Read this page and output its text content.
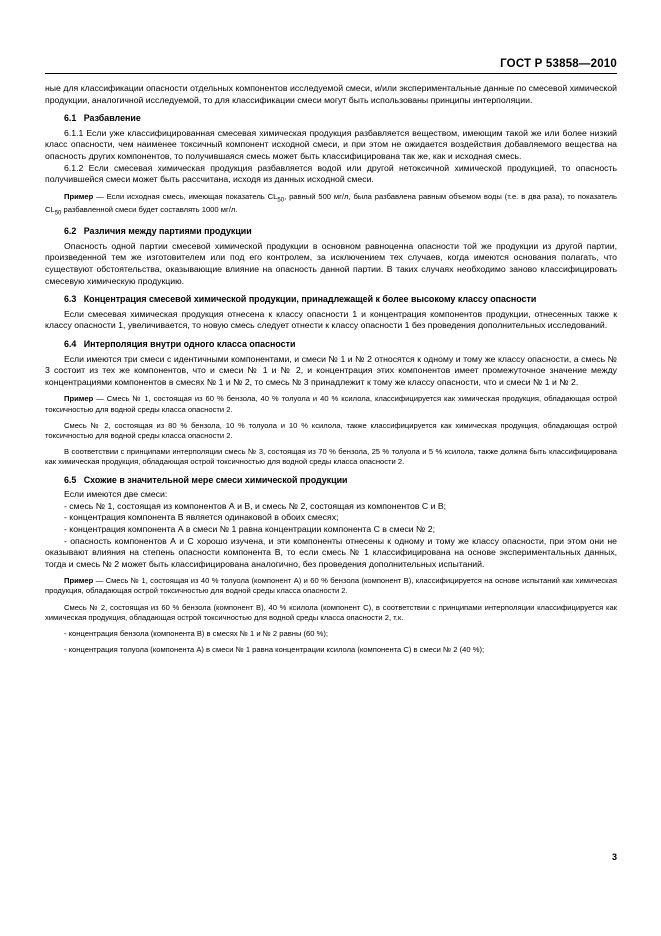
ГОСТ Р 53858—2010

ные для классификации опасности отдельных компонентов исследуемой смеси, и/или экспериментальные данные по смесевой химической продукции, аналогичной исследуемой, то для классификации смеси могут быть использованы принципы интерполяции.

6.1 Разбавление

6.1.1 Если уже классифицированная смесевая химическая продукция разбавляется веществом, имеющим такой же или более низкий класс опасности, чем наименее токсичный компонент исходной смеси, и при этом не ожидается воздействия добавляемого вещества на опасность других компонентов, то получившаяся смесь может быть классифицирована так же, как и исходная смесь.

6.1.2 Если смесевая химическая продукция разбавляется водой или другой нетоксичной химической продукцией, то опасность получившейся смеси может быть рассчитана, исходя из данных исходной смеси.

Пример — Если исходная смесь, имеющая показатель $CL_{50}$, равный 500 мг/л, была разбавлена равным объемом воды (т.е. в два раза), то показатель $CL_{50}$ разбавленной смеси будет составлять 1000 мг/л.

6.2 Различия между партиями продукции

Опасность одной партии смесевой химической продукции в основном равноценна опасности той же продукции из другой партии, произведенной тем же изготовителем или под его контролем, за исключением тех случаев, когда имеются основания полагать, что существуют обстоятельства, оказывающие влияние на опасность данной партии. В таких случаях необходимо заново классифицировать смесевую химическую продукцию.

6.3 Концентрация смесевой химической продукции, принадлежащей к более высокому классу опасности

Если смесевая химическая продукция отнесена к классу опасности 1 и концентрация компонентов продукции, отнесенных также к классу опасности 1, увеличивается, то новую смесь следует отнести к классу опасности 1 без проведения дополнительных исследований.

6.4 Интерполяция внутри одного класса опасности

Если имеются три смеси с идентичными компонентами, и смеси № 1 и № 2 относятся к одному и тому же классу опасности, а смесь № 3 состоит из тех же компонентов, что и смеси № 1 и № 2, и концентрация этих компонентов имеет промежуточное значение между концентрациями компонентов в смесях № 1 и № 2, то смесь № 3 принадлежит к тому же классу опасности, что и смеси № 1 и № 2.

Пример — Смесь № 1, состоящая из 60 % бензола, 40 % толуола и 40 % ксилола, классифицируется как химическая продукция, обладающая острой токсичностью для водной среды класса опасности 2.

Смесь № 2, состоящая из 80 % бензола, 10 % толуола и 10 % ксилола, также классифицируется как химическая продукция, обладающая острой токсичностью для водной среды класса опасности 2.

В соответствии с принципами интерполяции смесь № 3, состоящая из 70 % бензола, 25 % толуола и 5 % ксилола, также должна быть классифицирована как химическая продукция, обладающая острой токсичностью для водной среды класса опасности 2.

6.5 Схожие в значительной мере смеси химической продукции

Если имеются две смеси:

- смесь № 1, состоящая из компонентов А и В, и смесь № 2, состоящая из компонентов С и В;

- концентрация компонента В является одинаковой в обоих смесях;

- концентрация компонента А в смеси № 1 равна концентрации компонента С в смеси № 2;

- опасность компонентов А и С хорошо изучена, и эти компоненты отнесены к одному и тому же классу опасности, при этом они не оказывают влияния на степень опасности компонента В, то если смесь № 1 классифицирована на основе экспериментальных данных, тогда и смесь № 2 может быть классифицирована аналогично, без проведения дополнительных испытаний.

Пример — Смесь № 1, состоящая из 40 % толуола (компонент А) и 60 % бензола (компонент В), классифицируется на основе испытаний как химическая продукция, обладающая острой токсичностью для водной среды класса опасности 2.

Смесь № 2, состоящая из 60 % бензола (компонент В), 40 % ксилола (компонент С), в соответствии с принципами интерполяции классифицируется как химическая продукция, обладающая острой токсичностью для водной среды класса опасности 2, т.к.

- концентрация бензола (компонента В) в смесях № 1 и № 2 равны (60 %);

- концентрация толуола (компонента А) в смеси № 1 равна концентрации ксилола (компонента С) в смеси № 2 (40 %);

3
